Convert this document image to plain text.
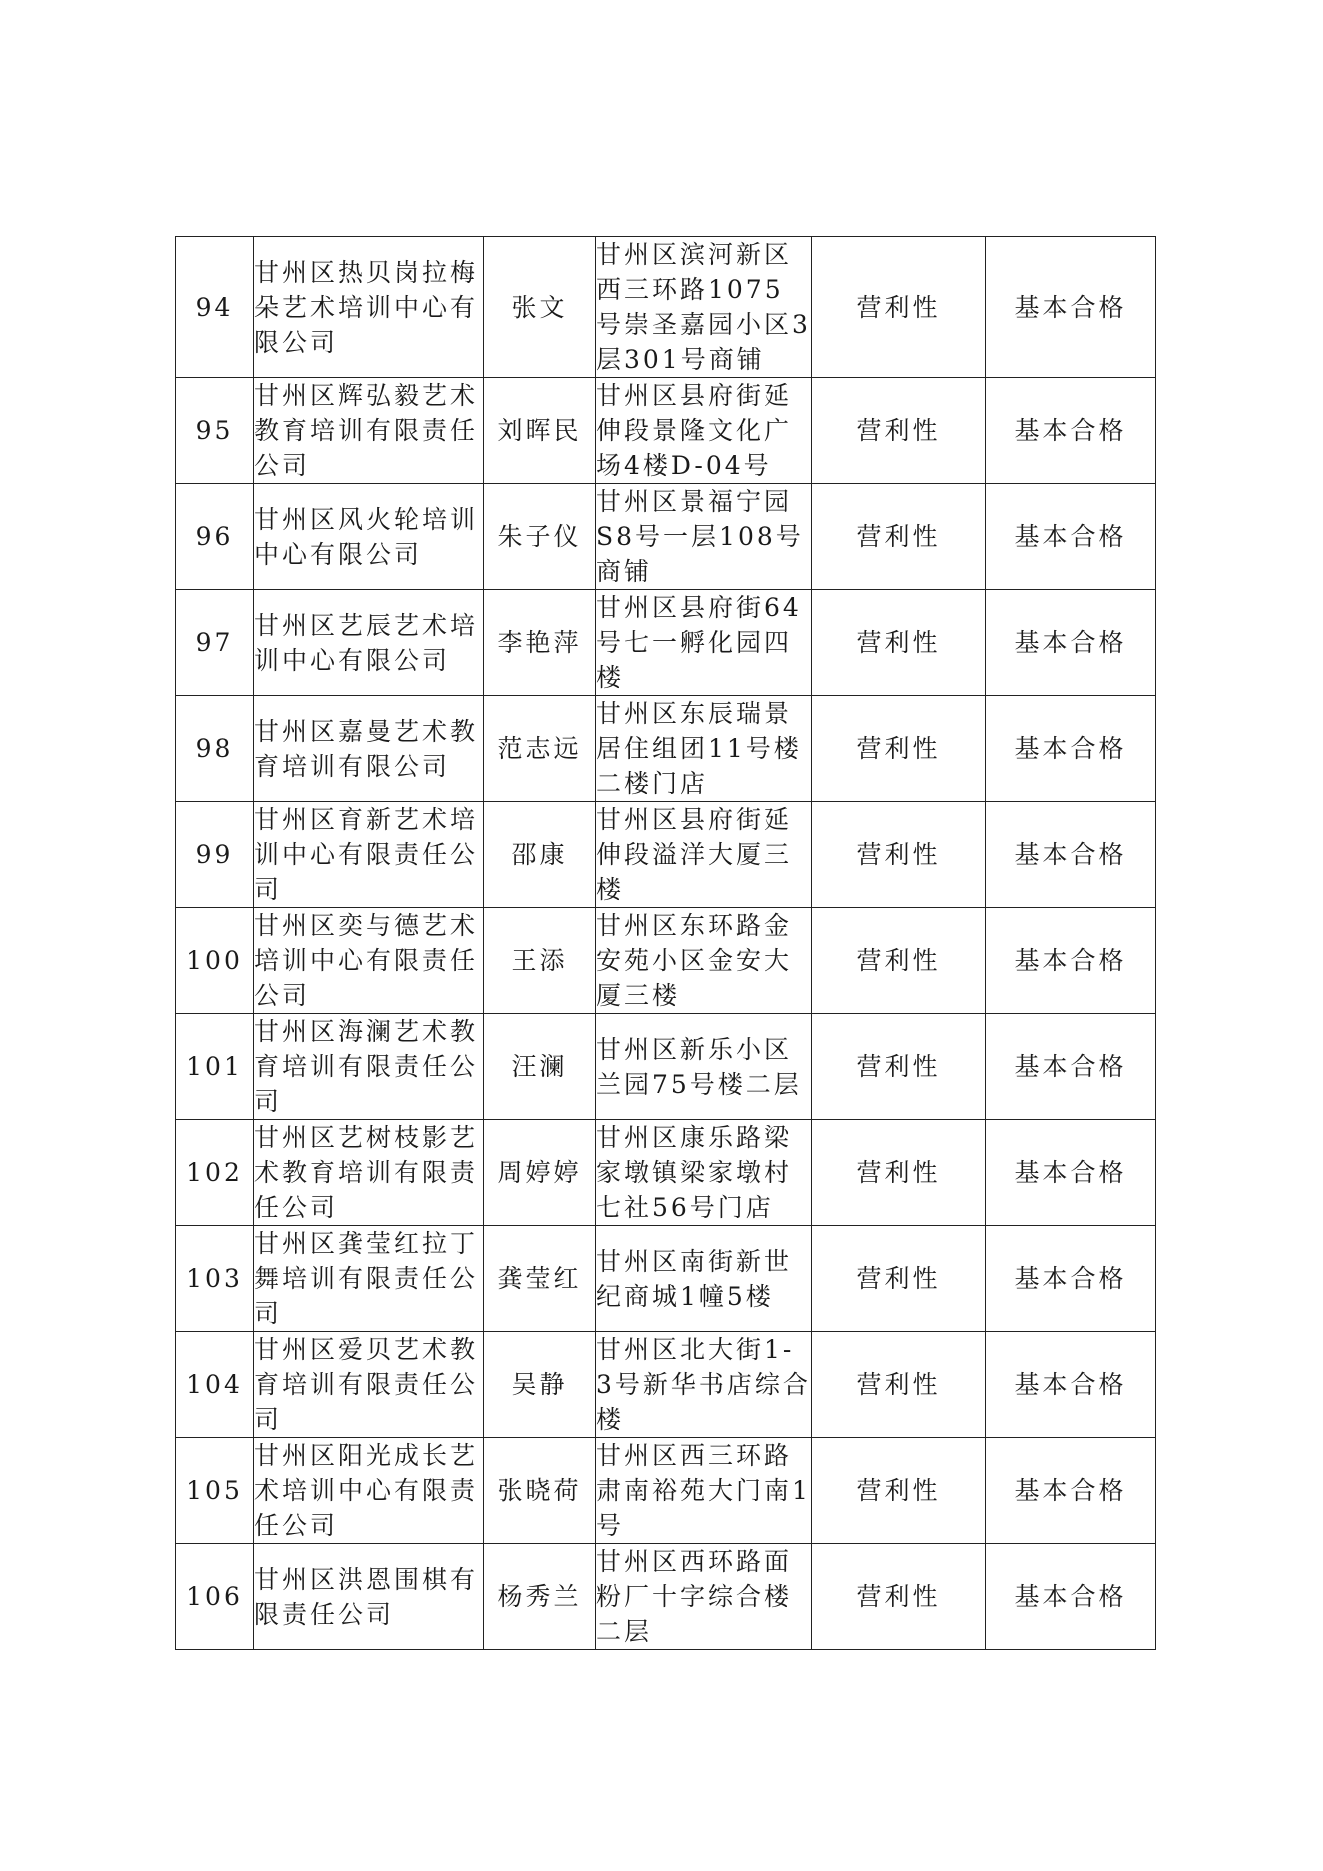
94	甘州区热贝岗拉梅朵艺术培训中心有限公司	张文	甘州区滨河新区西三环路1075号崇圣嘉园小区3层301号商铺	营利性	基本合格

95	甘州区辉弘毅艺术教育培训有限责任公司	刘晖民	甘州区县府街延伸段景隆文化广场4楼D-04号	营利性	基本合格

96	甘州区风火轮培训中心有限公司	朱子仪	甘州区景福宁园S8号一层108号商铺	营利性	基本合格

97	甘州区艺辰艺术培训中心有限公司	李艳萍	甘州区县府街64号七一孵化园四楼	营利性	基本合格

98	甘州区嘉曼艺术教育培训有限公司	范志远	甘州区东辰瑞景居住组团11号楼二楼门店	营利性	基本合格

99	甘州区育新艺术培训中心有限责任公司	邵康	甘州区县府街延伸段溢洋大厦三楼	营利性	基本合格

100	甘州区奕与德艺术培训中心有限责任公司	王添	甘州区东环路金安苑小区金安大厦三楼	营利性	基本合格

101	甘州区海澜艺术教育培训有限责任公司	汪澜	甘州区新乐小区兰园75号楼二层	营利性	基本合格

102	甘州区艺树枝影艺术教育培训有限责任公司	周婷婷	甘州区康乐路梁家墩镇梁家墩村七社56号门店	营利性	基本合格

103	甘州区龚莹红拉丁舞培训有限责任公司	龚莹红	甘州区南街新世纪商城1幢5楼	营利性	基本合格

104	甘州区爱贝艺术教育培训有限责任公司	吴静	甘州区北大街1-3号新华书店综合楼	营利性	基本合格

105	甘州区阳光成长艺术培训中心有限责任公司	张晓荷	甘州区西三环路肃南裕苑大门南1号	营利性	基本合格

106	甘州区洪恩围棋有限责任公司	杨秀兰	甘州区西环路面粉厂十字综合楼二层	营利性	基本合格
